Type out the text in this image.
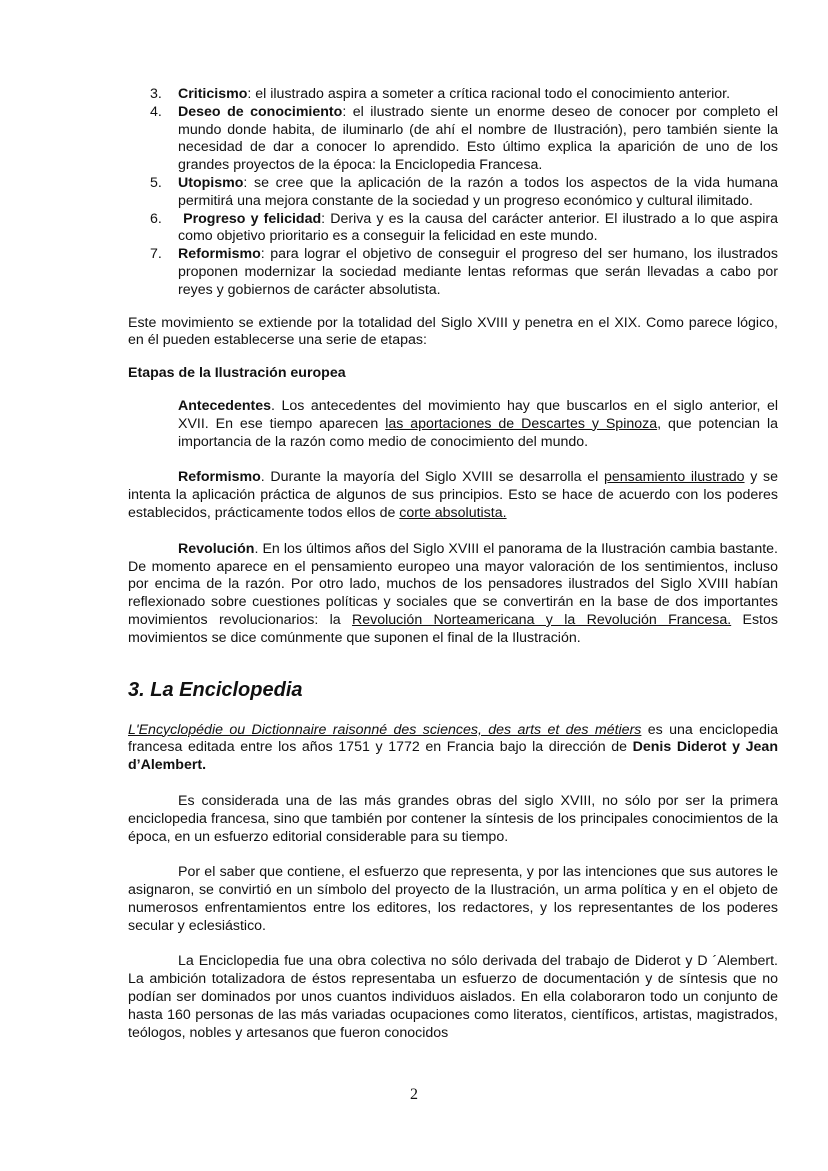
3. Criticismo: el ilustrado aspira a someter a crítica racional todo el conocimiento anterior.
4. Deseo de conocimiento: el ilustrado siente un enorme deseo de conocer por completo el mundo donde habita, de iluminarlo (de ahí el nombre de Ilustración), pero también siente la necesidad de dar a conocer lo aprendido. Esto último explica la aparición de uno de los grandes proyectos de la época: la Enciclopedia Francesa.
5. Utopismo: se cree que la aplicación de la razón a todos los aspectos de la vida humana permitirá una mejora constante de la sociedad y un progreso económico y cultural ilimitado.
6. Progreso y felicidad: Deriva y es la causa del carácter anterior. El ilustrado a lo que aspira como objetivo prioritario es a conseguir la felicidad en este mundo.
7. Reformismo: para lograr el objetivo de conseguir el progreso del ser humano, los ilustrados proponen modernizar la sociedad mediante lentas reformas que serán llevadas a cabo por reyes y gobiernos de carácter absolutista.

Este movimiento se extiende por la totalidad del Siglo XVIII y penetra en el XIX. Como parece lógico, en él pueden establecerse una serie de etapas:

Etapas de la Ilustración europea

Antecedentes. Los antecedentes del movimiento hay que buscarlos en el siglo anterior, el XVII. En ese tiempo aparecen las aportaciones de Descartes y Spinoza, que potencian la importancia de la razón como medio de conocimiento del mundo.

Reformismo. Durante la mayoría del Siglo XVIII se desarrolla el pensamiento ilustrado y se intenta la aplicación práctica de algunos de sus principios. Esto se hace de acuerdo con los poderes establecidos, prácticamente todos ellos de corte absolutista.

Revolución. En los últimos años del Siglo XVIII el panorama de la Ilustración cambia bastante. De momento aparece en el pensamiento europeo una mayor valoración de los sentimientos, incluso por encima de la razón. Por otro lado, muchos de los pensadores ilustrados del Siglo XVIII habían reflexionado sobre cuestiones políticas y sociales que se convertirán en la base de dos importantes movimientos revolucionarios: la Revolución Norteamericana y la Revolución Francesa. Estos movimientos se dice comúnmente que suponen el final de la Ilustración.

3. La Enciclopedia

L'Encyclopédie ou Dictionnaire raisonné des sciences, des arts et des métiers es una enciclopedia francesa editada entre los años 1751 y 1772 en Francia bajo la dirección de Denis Diderot y Jean d’Alembert.

Es considerada una de las más grandes obras del siglo XVIII, no sólo por ser la primera enciclopedia francesa, sino que también por contener la síntesis de los principales conocimientos de la época, en un esfuerzo editorial considerable para su tiempo.

Por el saber que contiene, el esfuerzo que representa, y por las intenciones que sus autores le asignaron, se convirtió en un símbolo del proyecto de la Ilustración, un arma política y en el objeto de numerosos enfrentamientos entre los editores, los redactores, y los representantes de los poderes secular y eclesiástico.

La Enciclopedia fue una obra colectiva no sólo derivada del trabajo de Diderot y D ´Alembert. La ambición totalizadora de éstos representaba un esfuerzo de documentación y de síntesis que no podían ser dominados por unos cuantos individuos aislados. En ella colaboraron todo un conjunto de hasta 160 personas de las más variadas ocupaciones como literatos, científicos, artistas, magistrados, teólogos, nobles y artesanos que fueron conocidos

2
